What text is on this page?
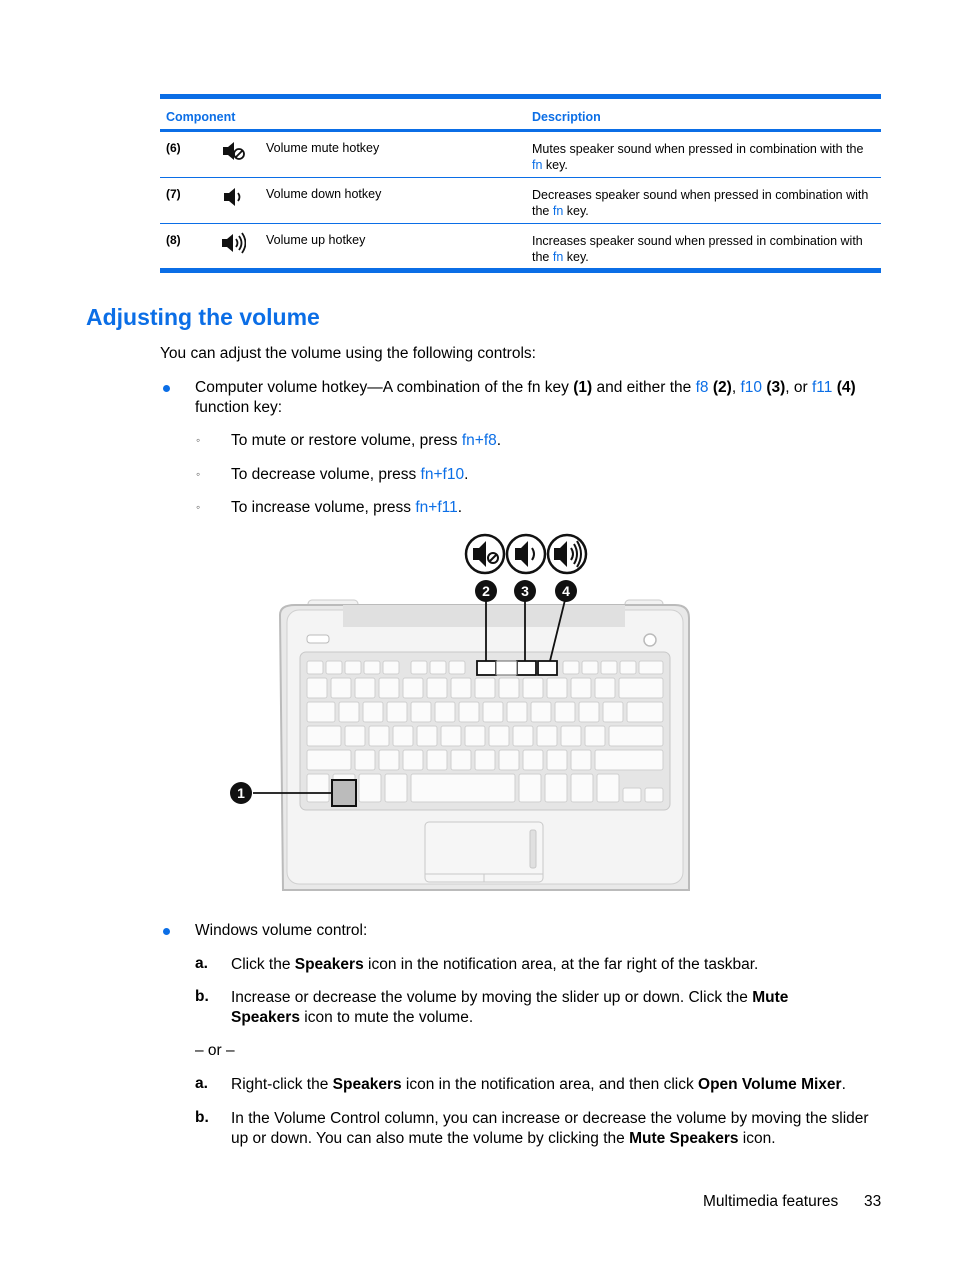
Component	Description
(6)	Volume mute hotkey	Mutes speaker sound when pressed in combination with the fn key.
(7)	Volume down hotkey	Decreases speaker sound when pressed in combination with the fn key.
(8)	Volume up hotkey	Increases speaker sound when pressed in combination with the fn key.
Adjusting the volume
You can adjust the volume using the following controls:
Computer volume hotkey—A combination of the fn key (1) and either the f8 (2), f10 (3), or f11 (4)
function key:
◦ To mute or restore volume, press fn+f8.
◦ To decrease volume, press fn+f10.
◦ To increase volume, press fn+f11.
2 3 4
1
Windows volume control:
a. Click the Speakers icon in the notification area, at the far right of the taskbar.
b. Increase or decrease the volume by moving the slider up or down. Click the Mute
Speakers icon to mute the volume.
– or –
a. Right-click the Speakers icon in the notification area, and then click Open Volume Mixer.
b. In the Volume Control column, you can increase or decrease the volume by moving the slider
up or down. You can also mute the volume by clicking the Mute Speakers icon.
Multimedia features 33
